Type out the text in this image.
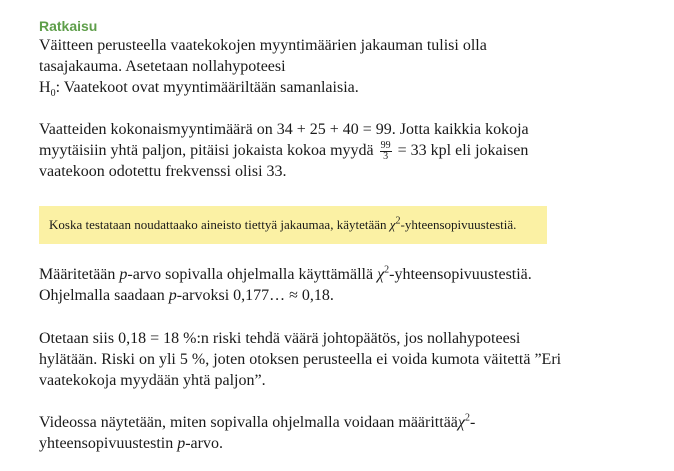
Ratkaisu
Väitteen perusteella vaatekokojen myyntimäärien jakauman tulisi olla
tasajakauma. Asetetaan nollahypoteesi
$H_0$: Vaatekoot ovat myyntimääriltään samanlaisia.
Vaatteiden kokonaismyyntimäärä on 34 + 25 + 40 = 99. Jotta kaikkia kokoja
myytäisiin yhtä paljon, pitäisi jokaista kokoa myydä $\frac{99}{3} = 33$ kpl eli jokaisen
vaatekoon odotettu frekvenssi olisi 33.
Koska testataan noudattaako aineisto tiettyä jakaumaa, käytetään $\chi^2$-yhteensopivuustestiä.
Määritetään p-arvo sopivalla ohjelmalla käyttämällä $\chi^2$-yhteensopivuustestiä.
Ohjelmalla saadaan p-arvoksi 0,177… ≈ 0,18.
Otetaan siis 0,18 = 18 %:n riski tehdä väärä johtopäätös, jos nollahypoteesi
hylätään. Riski on yli 5 %, joten otoksen perusteella ei voida kumota väitettä ”Eri
vaatekokoja myydään yhtä paljon”.
Videossa näytetään, miten sopivalla ohjelmalla voidaan määrittääχ$^2$-
yhteensopivuustestin p-arvo.
